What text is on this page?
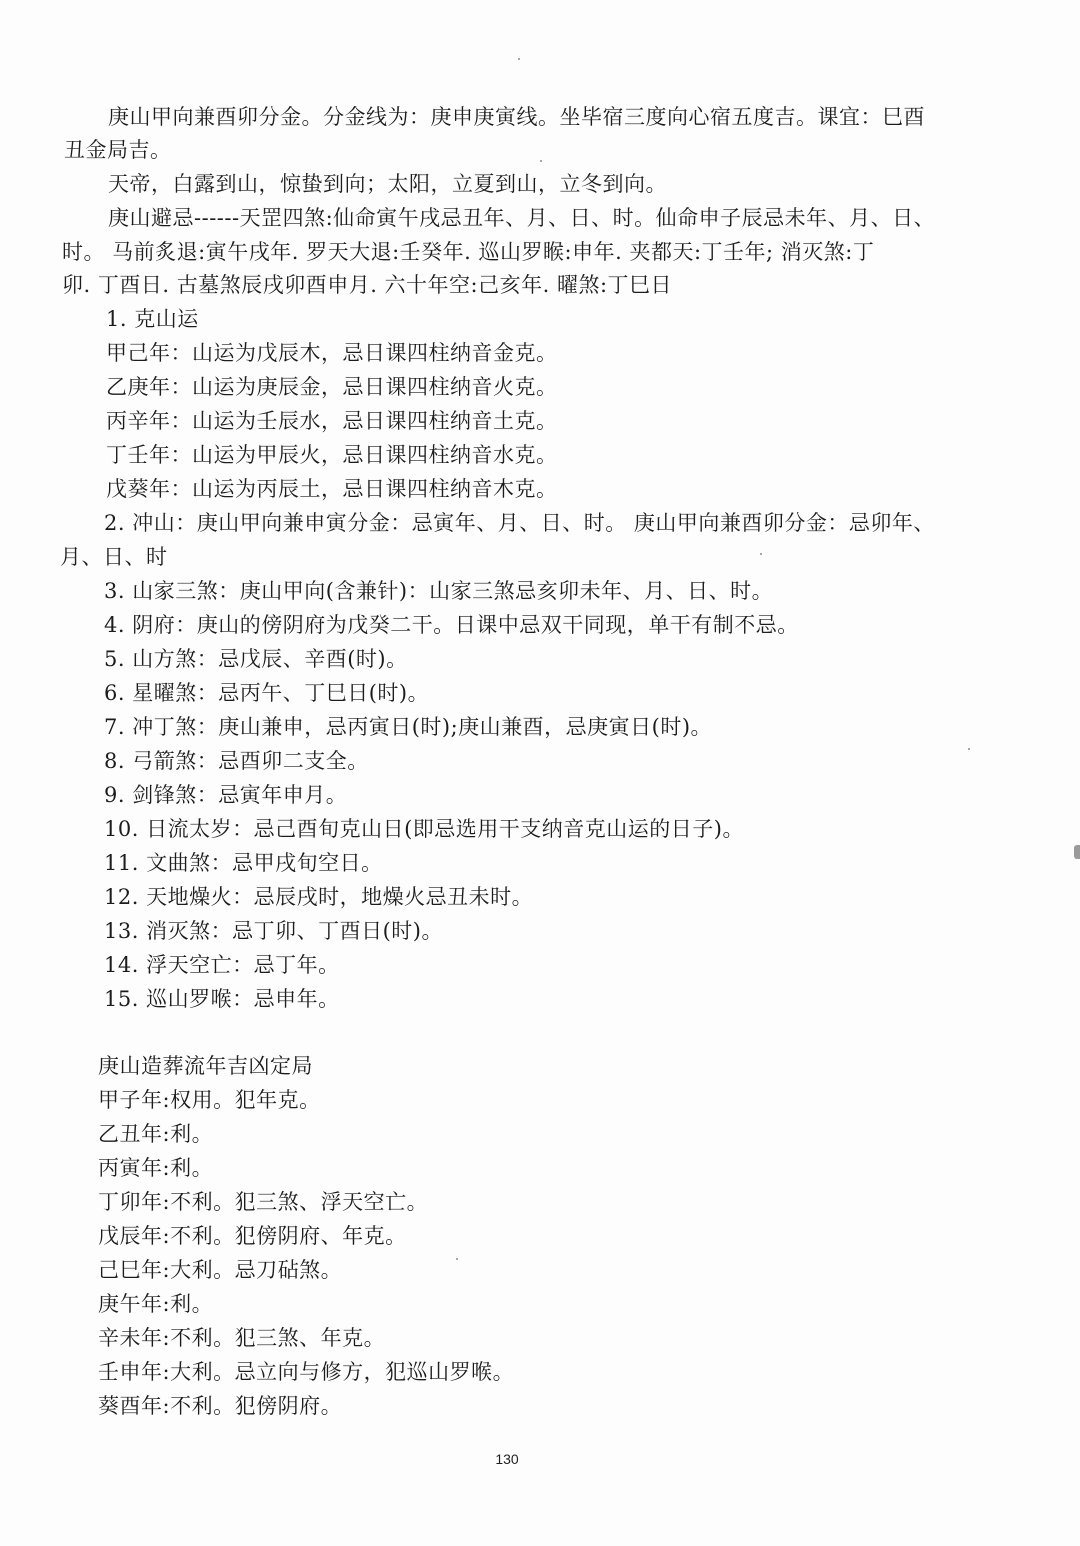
庚山甲向兼酉卯分金。分金线为：庚申庚寅线。坐毕宿三度向心宿五度吉。课宜：巳酉
丑金局吉。
天帝，白露到山，惊蛰到向；太阳，立夏到山，立冬到向。
庚山避忌------天罡四煞:仙命寅午戌忌丑年、月、日、时。仙命申子辰忌未年、月、日、
时。 马前炙退:寅午戌年. 罗天大退:壬癸年. 巡山罗睺:申年. 夹都天:丁壬年; 消灭煞:丁
卯. 丁酉日. 古墓煞辰戌卯酉申月. 六十年空:己亥年. 曜煞:丁巳日
1. 克山运
甲己年：山运为戊辰木，忌日课四柱纳音金克。
乙庚年：山运为庚辰金，忌日课四柱纳音火克。
丙辛年：山运为壬辰水，忌日课四柱纳音土克。
丁壬年：山运为甲辰火，忌日课四柱纳音水克。
戊葵年：山运为丙辰土，忌日课四柱纳音木克。
2. 冲山：庚山甲向兼申寅分金：忌寅年、月、日、时。 庚山甲向兼酉卯分金：忌卯年、
月、日、时
3. 山家三煞：庚山甲向(含兼针)：山家三煞忌亥卯未年、月、日、时。
4. 阴府：庚山的傍阴府为戊癸二干。日课中忌双干同现，单干有制不忌。
5. 山方煞：忌戊辰、辛酉(时)。
6. 星曜煞：忌丙午、丁巳日(时)。
7. 冲丁煞：庚山兼申，忌丙寅日(时);庚山兼酉，忌庚寅日(时)。
8. 弓箭煞：忌酉卯二支全。
9. 剑锋煞：忌寅年申月。
10. 日流太岁：忌己酉旬克山日(即忌选用干支纳音克山运的日子)。
11. 文曲煞：忌甲戌旬空日。
12. 天地燥火：忌辰戌时，地燥火忌丑未时。
13. 消灭煞：忌丁卯、丁酉日(时)。
14. 浮天空亡：忌丁年。
15. 巡山罗喉：忌申年。
庚山造葬流年吉凶定局
甲子年:权用。犯年克。
乙丑年:利。
丙寅年:利。
丁卯年:不利。犯三煞、浮天空亡。
戊辰年:不利。犯傍阴府、年克。
己巳年:大利。忌刀砧煞。
庚午年:利。
辛未年:不利。犯三煞、年克。
壬申年:大利。忌立向与修方，犯巡山罗喉。
葵酉年:不利。犯傍阴府。
130
